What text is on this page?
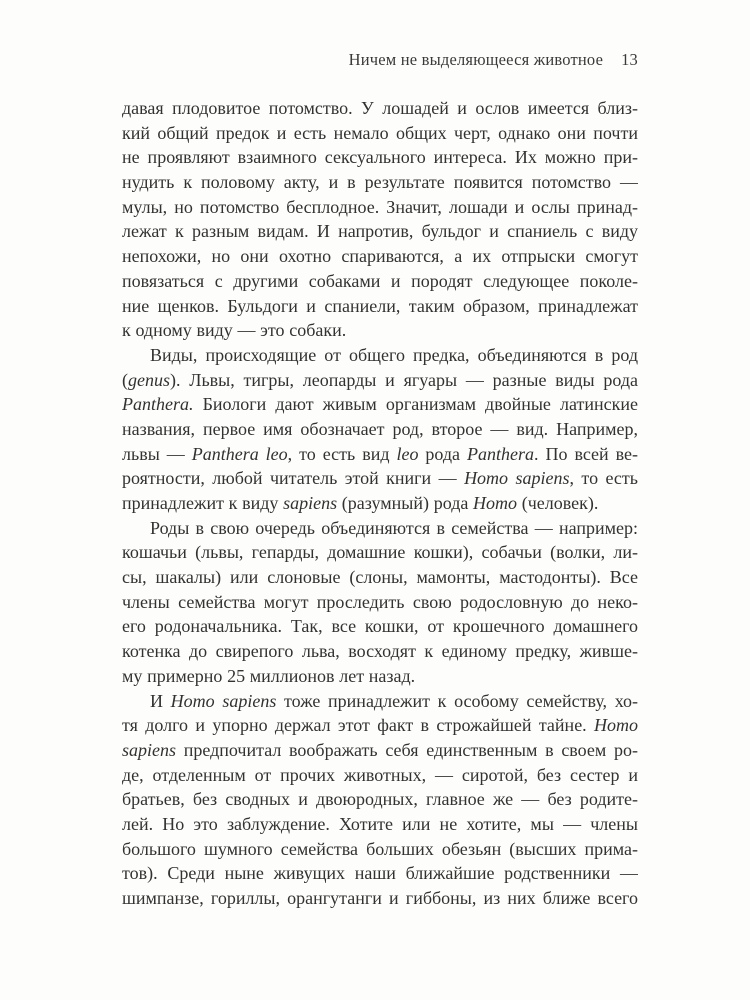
Ничем не выделяющееся животное 13
давая плодовитое потомство. У лошадей и ослов имеется близ-
кий общий предок и есть немало общих черт, однако они почти
не проявляют взаимного сексуального интереса. Их можно при-
нудить к половому акту, и в результате появится потомство —
мулы, но потомство бесплодное. Значит, лошади и ослы принад-
лежат к разным видам. И напротив, бульдог и спаниель с виду
непохожи, но они охотно спариваются, а их отпрыски смогут
повязаться с другими собаками и породят следующее поколе-
ние щенков. Бульдоги и спаниели, таким образом, принадлежат
к одному виду — это собаки.
Виды, происходящие от общего предка, объединяются в род
(genus). Львы, тигры, леопарды и ягуары — разные виды рода
Panthera. Биологи дают живым организмам двойные латинские
названия, первое имя обозначает род, второе — вид. Например,
львы — Panthera leo, то есть вид leo рода Panthera. По всей ве-
роятности, любой читатель этой книги — Homo sapiens, то есть
принадлежит к виду sapiens (разумный) рода Homo (человек).
Роды в свою очередь объединяются в семейства — например:
кошачьи (львы, гепарды, домашние кошки), собачьи (волки, ли-
сы, шакалы) или слоновые (слоны, мамонты, мастодонты). Все
члены семейства могут проследить свою родословную до неко-
его родоначальника. Так, все кошки, от крошечного домашнего
котенка до свирепого льва, восходят к единому предку, живше-
му примерно 25 миллионов лет назад.
И Homo sapiens тоже принадлежит к особому семейству, хо-
тя долго и упорно держал этот факт в строжайшей тайне. Homo
sapiens предпочитал воображать себя единственным в своем ро-
де, отделенным от прочих животных, — сиротой, без сестер и
братьев, без сводных и двоюродных, главное же — без родите-
лей. Но это заблуждение. Хотите или не хотите, мы — члены
большого шумного семейства больших обезьян (высших прима-
тов). Среди ныне живущих наши ближайшие родственники —
шимпанзе, гориллы, орангутанги и гиббоны, из них ближе всего
